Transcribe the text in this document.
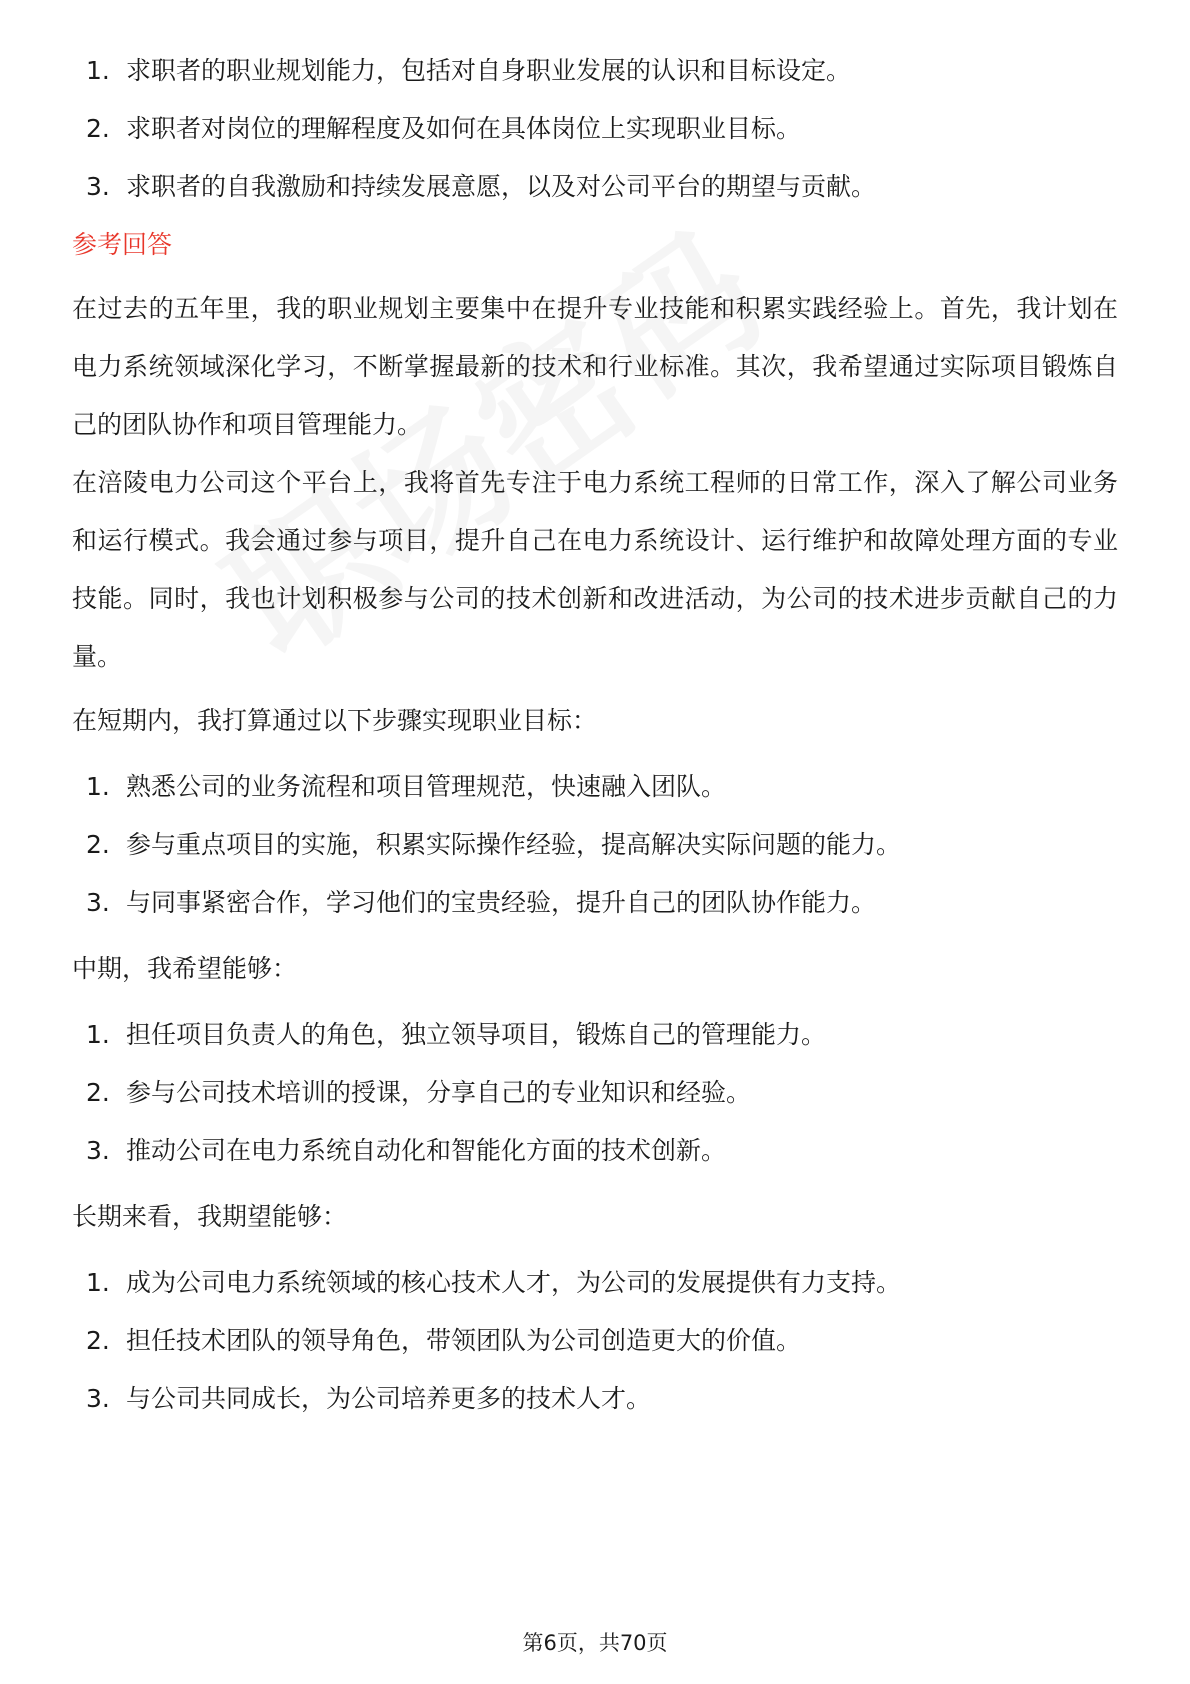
1. 求职者的职业规划能力，包括对自身职业发展的认识和目标设定。
2. 求职者对岗位的理解程度及如何在具体岗位上实现职业目标。
3. 求职者的自我激励和持续发展意愿，以及对公司平台的期望与贡献。
参考回答

在过去的五年里，我的职业规划主要集中在提升专业技能和积累实践经验上。首先，我计划在电力系统领域深化学习，不断掌握最新的技术和行业标准。其次，我希望通过实际项目锻炼自己的团队协作和项目管理能力。

在涪陵电力公司这个平台上，我将首先专注于电力系统工程师的日常工作，深入了解公司业务和运行模式。我会通过参与项目，提升自己在电力系统设计、运行维护和故障处理方面的专业技能。同时，我也计划积极参与公司的技术创新和改进活动，为公司的技术进步贡献自己的力量。

在短期内，我打算通过以下步骤实现职业目标：

1. 熟悉公司的业务流程和项目管理规范，快速融入团队。
2. 参与重点项目的实施，积累实际操作经验，提高解决实际问题的能力。
3. 与同事紧密合作，学习他们的宝贵经验，提升自己的团队协作能力。

中期，我希望能够：

1. 担任项目负责人的角色，独立领导项目，锻炼自己的管理能力。
2. 参与公司技术培训的授课，分享自己的专业知识和经验。
3. 推动公司在电力系统自动化和智能化方面的技术创新。

长期来看，我期望能够：

1. 成为公司电力系统领域的核心技术人才，为公司的发展提供有力支持。
2. 担任技术团队的领导角色，带领团队为公司创造更大的价值。
3. 与公司共同成长，为公司培养更多的技术人才。
第6页，共70页
